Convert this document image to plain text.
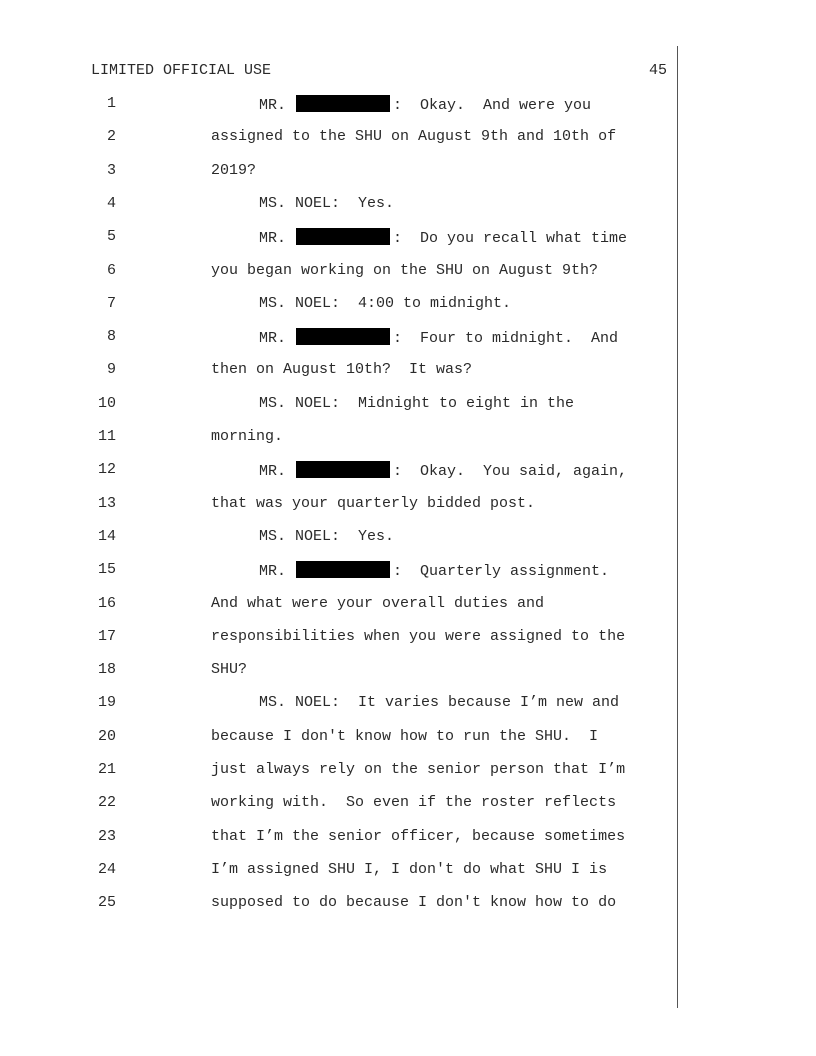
LIMITED OFFICIAL USE	45
1	MR.	:  Okay.  And were you
2	assigned to the SHU on August 9th and 10th of
3	2019?
4	MS. NOEL:  Yes.
5	MR.	:  Do you recall what time
6	you began working on the SHU on August 9th?
7	MS. NOEL:  4:00 to midnight.
8	MR.	:  Four to midnight.  And
9	then on August 10th?  It was?
10	MS. NOEL:  Midnight to eight in the
11	morning.
12	MR.	:  Okay.  You said, again,
13	that was your quarterly bidded post.
14	MS. NOEL:  Yes.
15	MR.	:  Quarterly assignment.
16	And what were your overall duties and
17	responsibilities when you were assigned to the
18	SHU?
19	MS. NOEL:  It varies because I’m new and
20	because I don't know how to run the SHU.  I
21	just always rely on the senior person that I’m
22	working with.  So even if the roster reflects
23	that I’m the senior officer, because sometimes
24	I’m assigned SHU I, I don't do what SHU I is
25	supposed to do because I don't know how to do
